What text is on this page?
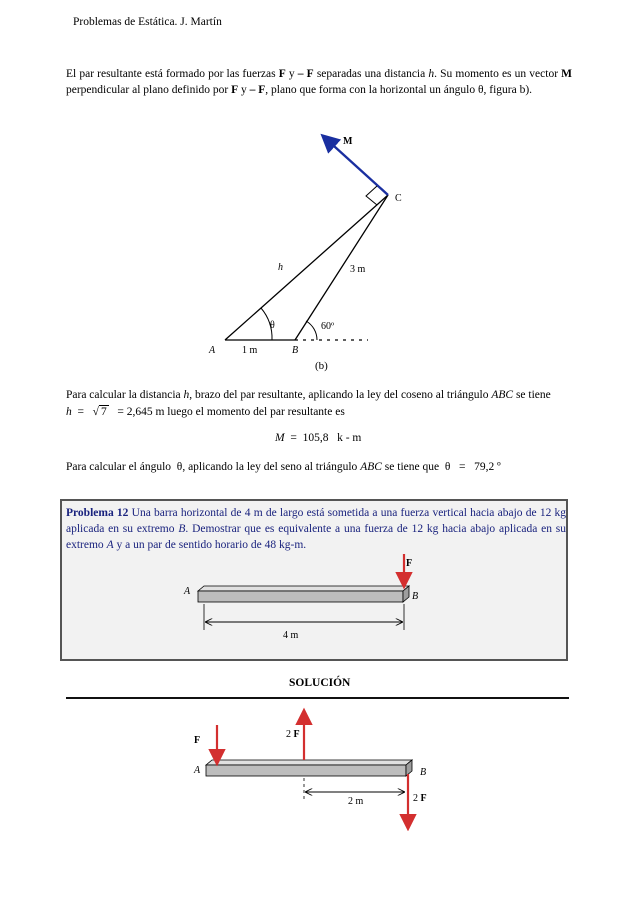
Problemas de Estática. J. Martín
El par resultante está formado por las fuerzas F y – F separadas una distancia h. Su momento es un vector M perpendicular al plano definido por F y – F, plano que forma con la horizontal un ángulo θ, figura b).
M
C
h	3 m
θ	60º
A	1 m	B
(b)
Para calcular la distancia h, brazo del par resultante, aplicando la ley del coseno al triángulo ABC se tiene
h = √ 7 = 2,645 m luego el momento del par resultante es
M = 105,8 k - m
Para calcular el ángulo θ, aplicando la ley del seno al triángulo ABC se tiene que θ = 79,2 º
Problema 12 Una barra horizontal de 4 m de largo está sometida a una fuerza vertical hacia abajo de 12 kg aplicada en su extremo B. Demostrar que es equivalente a una fuerza de 12 kg hacia abajo aplicada en su extremo A y a un par de sentido horario de 48 kg-m.
F
A	B
4 m
SOLUCIÓN
F
2 F
A	B
2 m	2 F
